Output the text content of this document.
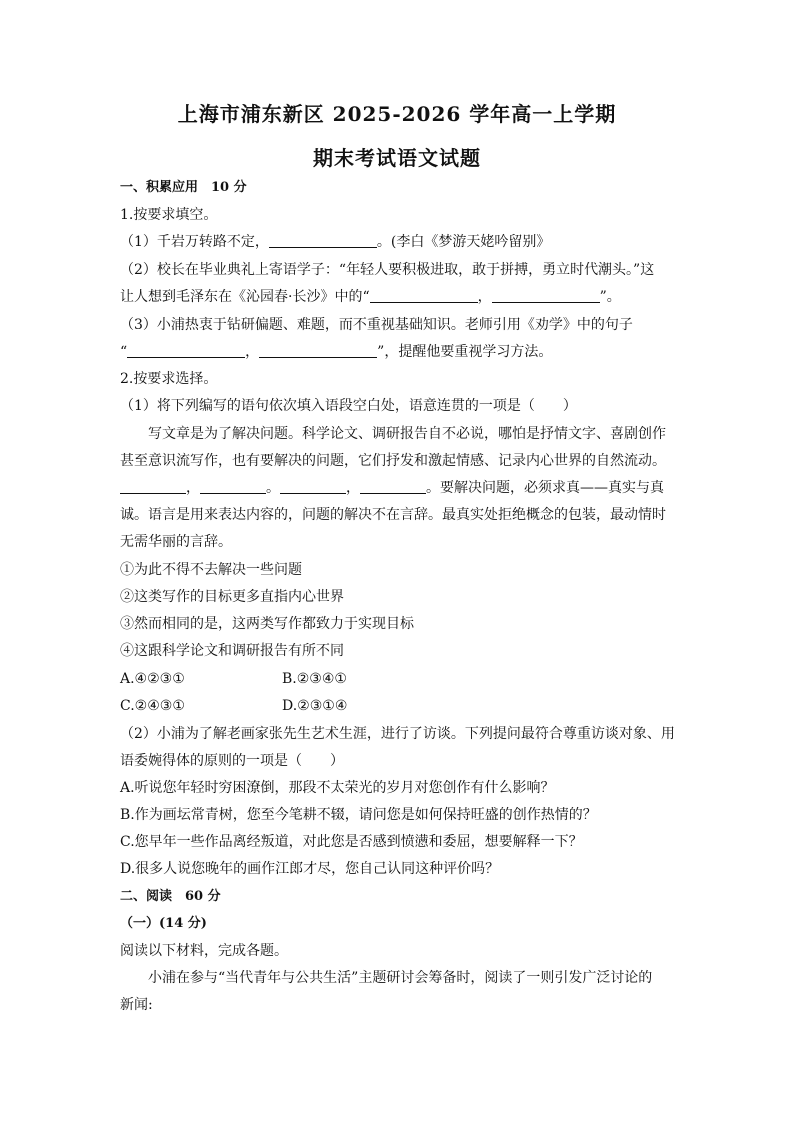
上海市浦东新区 2025-2026 学年高一上学期
期末考试语文试题
一、积累应用　10 分
1.按要求填空。
（1）千岩万转路不定，	。(李白《梦游天姥吟留别》
（2）校长在毕业典礼上寄语学子：“年轻人要积极进取，敢于拼搏，勇立时代潮头。”这
让人想到毛泽东在《沁园春·长沙》中的“	，	”。
（3）小浦热衷于钻研偏题、难题，而不重视基础知识。老师引用《劝学》中的句子
“	，	”，提醒他要重视学习方法。
2.按要求选择。
（1）将下列编写的语句依次填入语段空白处，语意连贯的一项是（　　）
写文章是为了解决问题。科学论文、调研报告自不必说，哪怕是抒情文字、喜剧创作
甚至意识流写作，也有要解决的问题，它们抒发和激起情感、记录内心世界的自然流动。
，	。	，	。要解决问题，必须求真——真实与真
诚。语言是用来表达内容的，问题的解决不在言辞。最真实处拒绝概念的包装，最动情时
无需华丽的言辞。
①为此不得不去解决一些问题
②这类写作的目标更多直指内心世界
③然而相同的是，这两类写作都致力于实现目标
④这跟科学论文和调研报告有所不同
A.④②③①	B.②③④①
C.②④③①	D.②③①④
（2）小浦为了解老画家张先生艺术生涯，进行了访谈。下列提问最符合尊重访谈对象、用
语委婉得体的原则的一项是（　　）
A.听说您年轻时穷困潦倒，那段不太荣光的岁月对您创作有什么影响？
B.作为画坛常青树，您至今笔耕不辍，请问您是如何保持旺盛的创作热情的？
C.您早年一些作品离经叛道，对此您是否感到愤懑和委屈，想要解释一下？
D.很多人说您晚年的画作江郎才尽，您自己认同这种评价吗？
二、阅读　60 分
（一）(14 分)
阅读以下材料，完成各题。
小浦在参与“当代青年与公共生活”主题研讨会筹备时，阅读了一则引发广泛讨论的
新闻:
